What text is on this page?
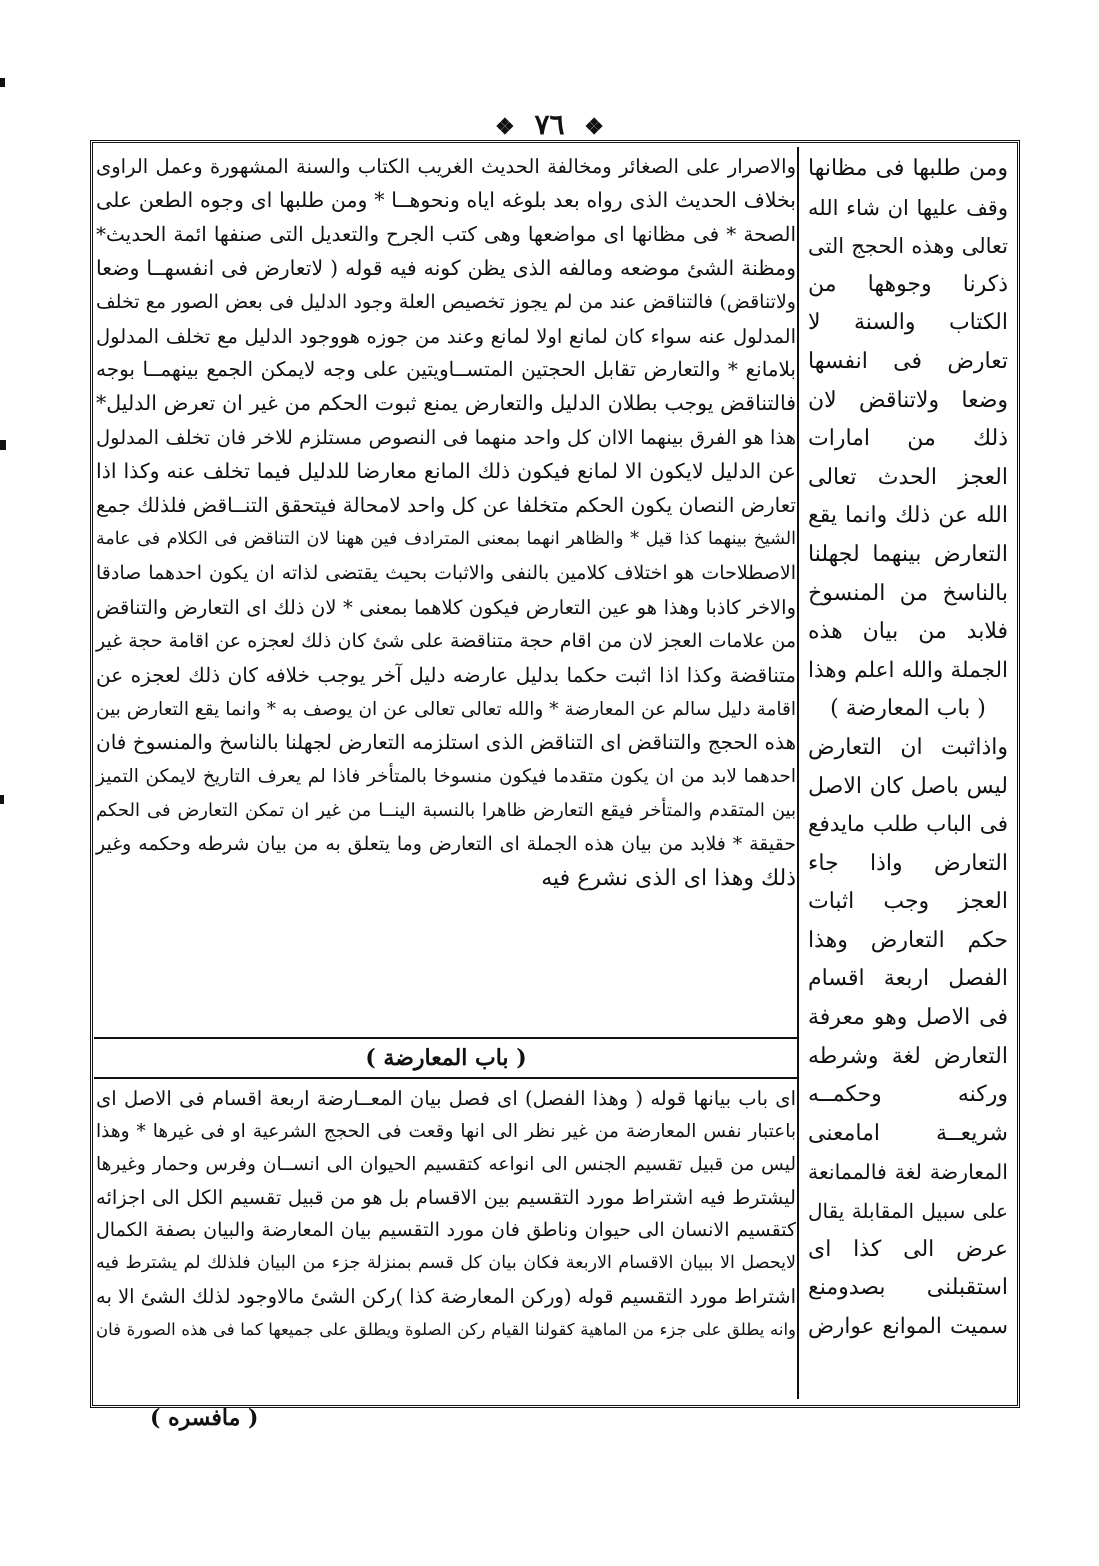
❖ ٧٦ ❖

والاصرار على الصغائر ومخالفة الحديث الغريب الكتاب والسنة المشهورة وعمل الراوى

بخلاف الحديث الذى رواه بعد بلوغه اياه ونحوهــا * ومن طلبها اى وجوه الطعن على

الصحة * فى مظانها اى مواضعها وهى كتب الجرح والتعديل التى صنفها ائمة الحديث*

ومظنة الشئ موضعه ومالفه الذى يظن كونه فيه قوله ( لاتعارض فى انفسهــا وضعا

ولاتناقض) فالتناقض عند من لم يجوز تخصيص العلة وجود الدليل فى بعض الصور مع تخلف

المدلول عنه سواء كان لمانع اولا لمانع وعند من جوزه هووجود الدليل مع تخلف المدلول

بلامانع * والتعارض تقابل الحجتين المتســاويتين على وجه لايمكن الجمع بينهمــا بوجه

فالتناقض يوجب بطلان الدليل والتعارض يمنع ثبوت الحكم من غير ان تعرض الدليل*

هذا هو الفرق بينهما الاان كل واحد منهما فى النصوص مستلزم للاخر فان تخلف المدلول

عن الدليل لايكون الا لمانع فيكون ذلك المانع معارضا للدليل فيما تخلف عنه وكذا اذا

تعارض النصان يكون الحكم متخلفا عن كل واحد لامحالة فيتحقق التنــاقض فلذلك جمع

الشيخ بينهما كذا قيل * والظاهر انهما بمعنى المترادف فين ههنا لان التناقض فى الكلام فى عامة

الاصطلاحات هو اختلاف كلامين بالنفى والاثبات بحيث يقتضى لذاته ان يكون احدهما صادقا

والاخر كاذبا وهذا هو عين التعارض فيكون كلاهما بمعنى * لان ذلك اى التعارض والتناقض

من علامات العجز لان من اقام حجة متناقضة على شئ كان ذلك لعجزه عن اقامة حجة غير

متناقضة وكذا اذا اثبت حكما بدليل عارضه دليل آخر يوجب خلافه كان ذلك لعجزه عن

اقامة دليل سالم عن المعارضة * والله تعالى تعالى عن ان يوصف به * وانما يقع التعارض بين

هذه الحجج والتناقض اى التناقض الذى استلزمه التعارض لجهلنا بالناسخ والمنسوخ فان

احدهما لابد من ان يكون متقدما فيكون منسوخا بالمتأخر فاذا لم يعرف التاريخ لايمكن التميز

بين المتقدم والمتأخر فيقع التعارض ظاهرا بالنسبة الينــا من غير ان تمكن التعارض فى الحكم

حقيقة * فلابد من بيان هذه الجملة اى التعارض وما يتعلق به من بيان شرطه وحكمه وغير

ذلك وهذا اى الذى نشرع فيه

( باب المعارضة )

اى باب بيانها قوله ( وهذا الفصل) اى فصل بيان المعــارضة اربعة اقسام فى الاصل اى

باعتبار نفس المعارضة من غير نظر الى انها وقعت فى الحجج الشرعية او فى غيرها * وهذا

ليس من قبيل تقسيم الجنس الى انواعه كتقسيم الحيوان الى انســان وفرس وحمار وغيرها

ليشترط فيه اشتراط مورد التقسيم بين الاقسام بل هو من قبيل تقسيم الكل الى اجزائه

كتقسيم الانسان الى حيوان وناطق فان مورد التقسيم بيان المعارضة والبيان بصفة الكمال

لايحصل الا ببيان الاقسام الاربعة فكان بيان كل قسم بمنزلة جزء من البيان فلذلك لم يشترط فيه

اشتراط مورد التقسيم قوله (وركن المعارضة كذا )ركن الشئ مالاوجود لذلك الشئ الا به

وانه يطلق على جزء من الماهية كقولنا القيام ركن الصلوة ويطلق على جميعها كما فى هذه الصورة فان

ومن طلبها فى مظانها

وقف عليها ان شاء الله

تعالى وهذه الحجج التى

ذكرنا وجوهها من

الكتاب والسنة لا

تعارض فى انفسها

وضعا ولاتناقض لان

ذلك من امارات

العجز الحدث تعالى

الله عن ذلك وانما يقع

التعارض بينهما لجهلنا

بالناسخ من المنسوخ

فلابد من بيان هذه

الجملة والله اعلم وهذا

( باب المعارضة )

واذاثبت ان التعارض

ليس باصل كان الاصل

فى الباب طلب مايدفع

التعارض واذا جاء

العجز وجب اثبات

حكم التعارض وهذا

الفصل اربعة اقسام

فى الاصل وهو معرفة

التعارض لغة وشرطه

وركنه وحكمــه

شريعــة امامعنى

المعارضة لغة فالممانعة

على سبيل المقابلة يقال

عرض الى كذا اى

استقبلنى بصدومنع

سميت الموانع عوارض

( مافسره )
